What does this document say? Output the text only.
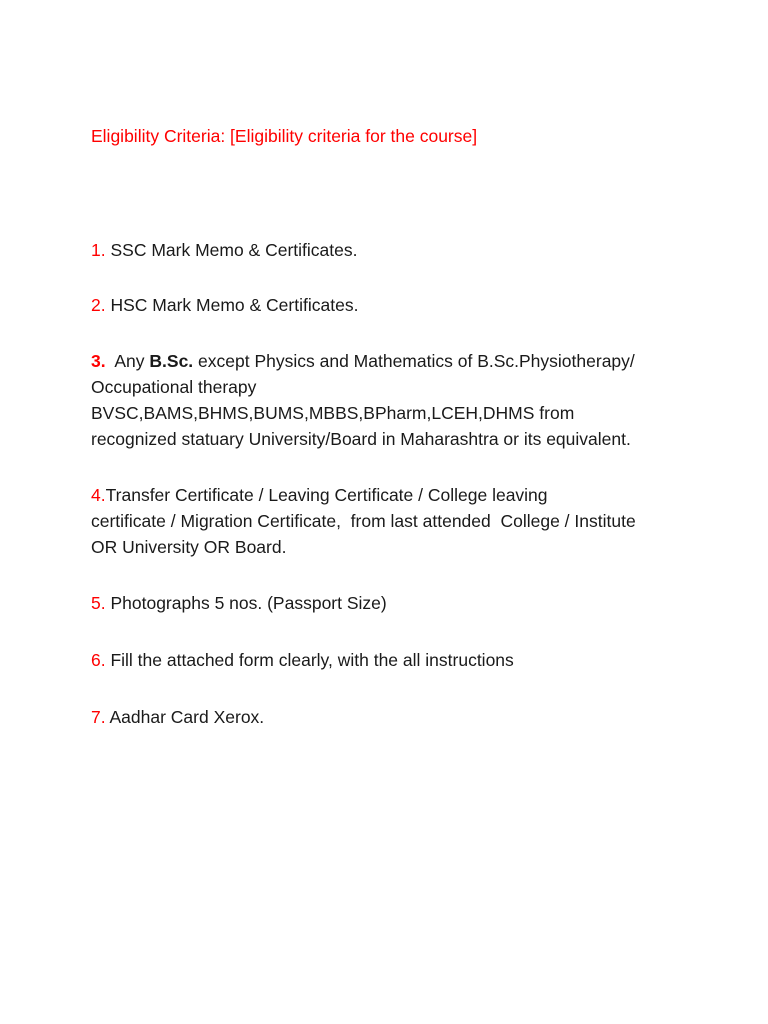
Eligibility Criteria: [Eligibility criteria for the course]
1. SSC Mark Memo & Certificates.
2. HSC Mark Memo & Certificates.
3.  Any B.Sc. except Physics and Mathematics of B.Sc.Physiotherapy/
Occupational therapy
BVSC,BAMS,BHMS,BUMS,MBBS,BPharm,LCEH,DHMS from
recognized statuary University/Board in Maharashtra or its equivalent.
4.Transfer Certificate / Leaving Certificate / College leaving
certificate / Migration Certificate,  from last attended  College / Institute
OR University OR Board.
5. Photographs 5 nos. (Passport Size)
6. Fill the attached form clearly, with the all instructions
7. Aadhar Card Xerox.
